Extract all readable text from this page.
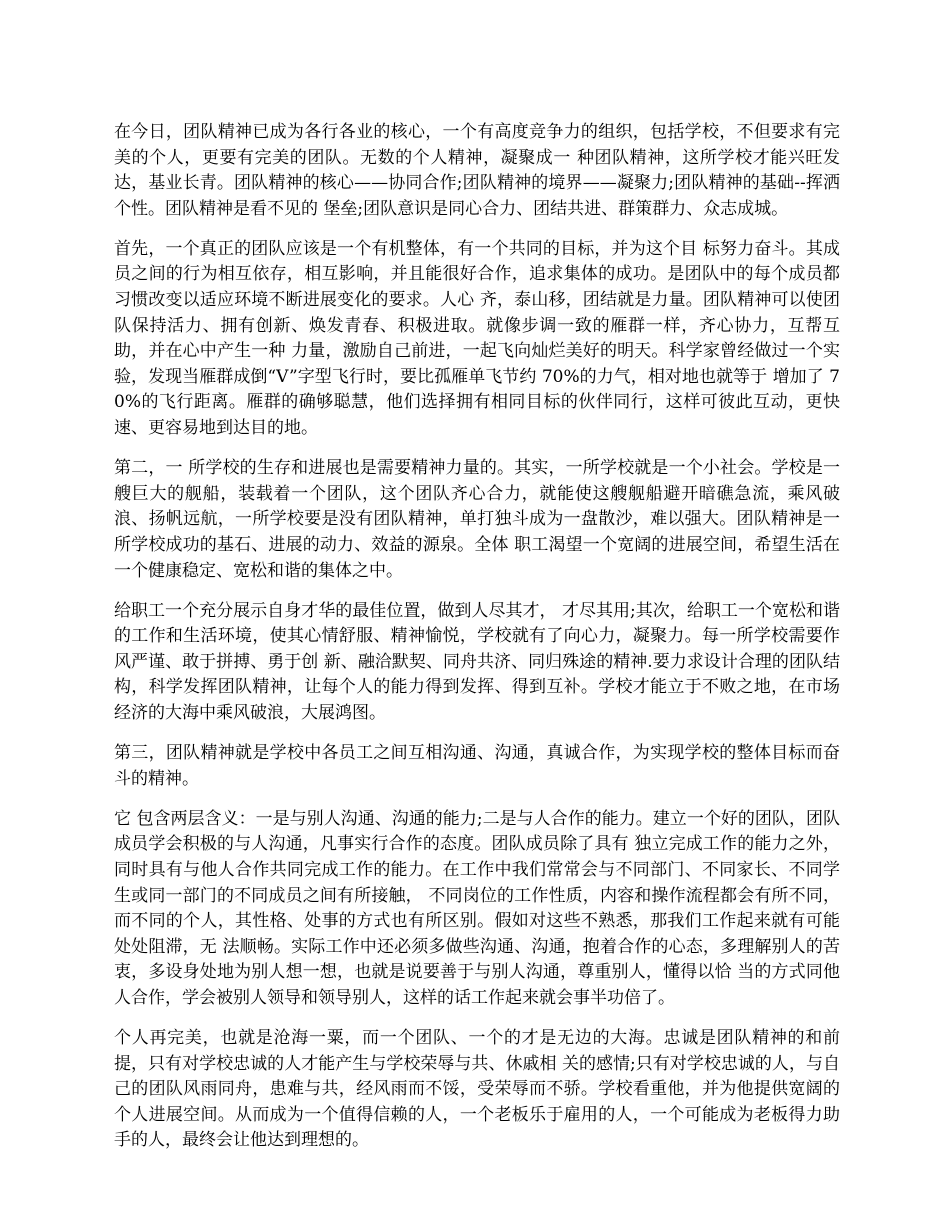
在今日，团队精神已成为各行各业的核心，一个有高度竞争力的组织，包括学校，不但要求有完美的个人，更要有完美的团队。无数的个人精神，凝聚成一 种团队精神，这所学校才能兴旺发达，基业长青。团队精神的核心——协同合作;团队精神的境界——凝聚力;团队精神的基础--挥洒个性。团队精神是看不见的 堡垒;团队意识是同心合力、团结共进、群策群力、众志成城。

首先，一个真正的团队应该是一个有机整体，有一个共同的目标，并为这个目 标努力奋斗。其成员之间的行为相互依存，相互影响，并且能很好合作，追求集体的成功。是团队中的每个成员都习惯改变以适应环境不断进展变化的要求。人心 齐，泰山移，团结就是力量。团队精神可以使团队保持活力、拥有创新、焕发青春、积极进取。就像步调一致的雁群一样，齐心协力，互帮互助，并在心中产生一种 力量，激励自己前进，一起飞向灿烂美好的明天。科学家曾经做过一个实验，发现当雁群成倒“V”字型飞行时，要比孤雁单飞节约 70%的力气，相对地也就等于 增加了 70%的飞行距离。雁群的确够聪慧，他们选择拥有相同目标的伙伴同行，这样可彼此互动，更快速、更容易地到达目的地。

第二，一 所学校的生存和进展也是需要精神力量的。其实，一所学校就是一个小社会。学校是一艘巨大的舰船，装载着一个团队，这个团队齐心合力，就能使这艘舰船避开暗礁急流，乘风破浪、扬帆远航，一所学校要是没有团队精神，单打独斗成为一盘散沙，难以强大。团队精神是一所学校成功的基石、进展的动力、效益的源泉。全体 职工渴望一个宽阔的进展空间，希望生活在一个健康稳定、宽松和谐的集体之中。

给职工一个充分展示自身才华的最佳位置，做到人尽其才， 才尽其用;其次，给职工一个宽松和谐的工作和生活环境，使其心情舒服、精神愉悦，学校就有了向心力，凝聚力。每一所学校需要作风严谨、敢于拼搏、勇于创 新、融洽默契、同舟共济、同归殊途的精神.要力求设计合理的团队结构，科学发挥团队精神，让每个人的能力得到发挥、得到互补。学校才能立于不败之地，在市场经济的大海中乘风破浪，大展鸿图。

第三，团队精神就是学校中各员工之间互相沟通、沟通，真诚合作，为实现学校的整体目标而奋斗的精神。

它 包含两层含义：一是与别人沟通、沟通的能力;二是与人合作的能力。建立一个好的团队，团队成员学会积极的与人沟通，凡事实行合作的态度。团队成员除了具有 独立完成工作的能力之外，同时具有与他人合作共同完成工作的能力。在工作中我们常常会与不同部门、不同家长、不同学生或同一部门的不同成员之间有所接触， 不同岗位的工作性质，内容和操作流程都会有所不同，而不同的个人，其性格、处事的方式也有所区别。假如对这些不熟悉，那我们工作起来就有可能处处阻滞，无 法顺畅。实际工作中还必须多做些沟通、沟通，抱着合作的心态，多理解别人的苦衷，多设身处地为别人想一想，也就是说要善于与别人沟通，尊重别人，懂得以恰 当的方式同他人合作，学会被别人领导和领导别人，这样的话工作起来就会事半功倍了。

个人再完美，也就是沧海一粟，而一个团队、一个的才是无边的大海。忠诚是团队精神的和前提，只有对学校忠诚的人才能产生与学校荣辱与共、休戚相 关的感情;只有对学校忠诚的人，与自己的团队风雨同舟，患难与共，经风雨而不馁，受荣辱而不骄。学校看重他，并为他提供宽阔的个人进展空间。从而成为一个值得信赖的人，一个老板乐于雇用的人，一个可能成为老板得力助手的人，最终会让他达到理想的。
